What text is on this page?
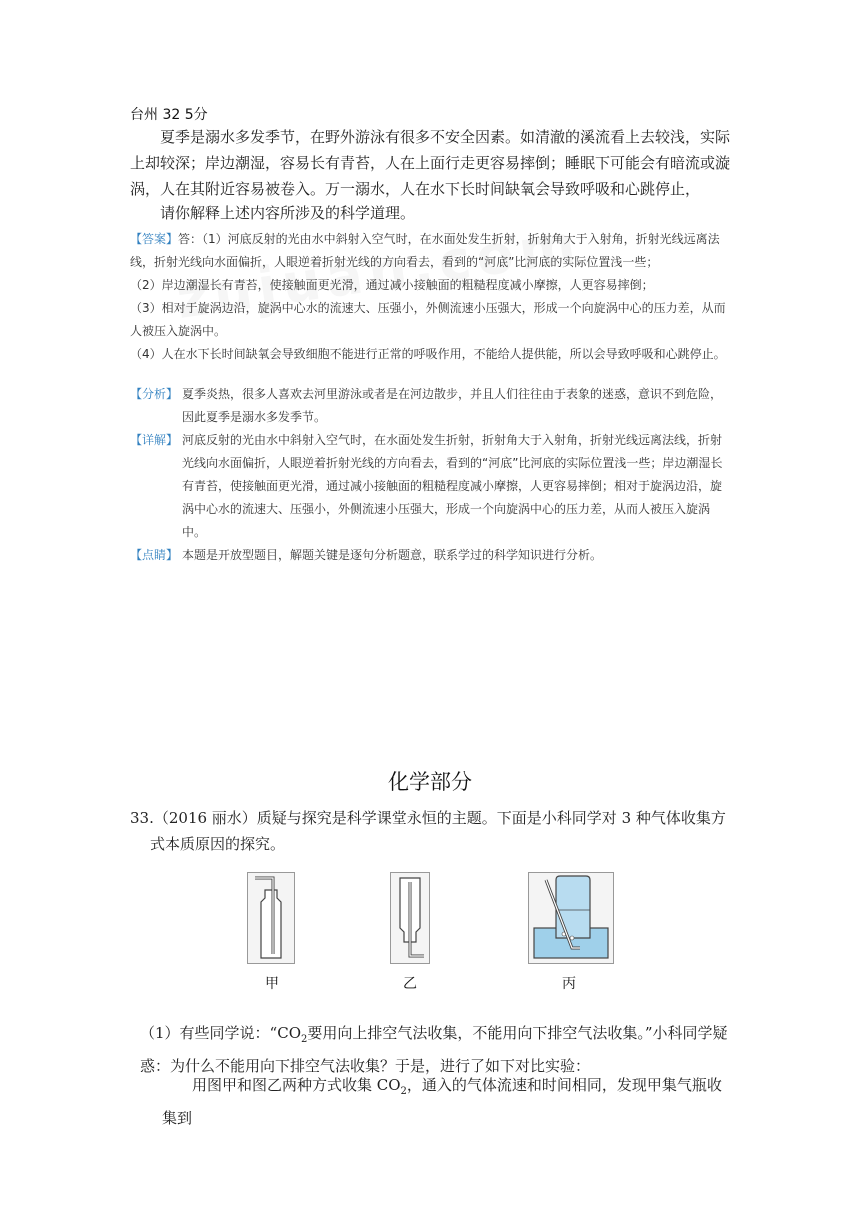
台州 32 5分

夏季是溺水多发季节，在野外游泳有很多不安全因素。如清澈的溪流看上去较浅，实际上却较深；岸边潮湿，容易长有青苔，人在上面行走更容易摔倒；睡眠下可能会有暗流或漩涡，人在其附近容易被卷入。万一溺水，人在水下长时间缺氧会导致呼吸和心跳停止，

请你解释上述内容所涉及的科学道理。

【答案】答：（1）河底反射的光由水中斜射入空气时，在水面处发生折射，折射角大于入射角，折射光线远离法线，折射光线向水面偏折，人眼逆着折射光线的方向看去，看到的“河底”比河底的实际位置浅一些；
（2）岸边潮湿长有青苔，使接触面更光滑，通过减小接触面的粗糙程度减小摩擦，人更容易摔倒；
（3）相对于旋涡边沿，旋涡中心水的流速大、压强小，外侧流速小压强大，形成一个向旋涡中心的压力差，从而人被压入旋涡中。
（4）人在水下长时间缺氧会导致细胞不能进行正常的呼吸作用，不能给人提供能，所以会导致呼吸和心跳停止。
【分析】 夏季炎热，很多人喜欢去河里游泳或者是在河边散步，并且人们往往由于表象的迷惑，意识不到危险，因此夏季是溺水多发季节。
【详解】 河底反射的光由水中斜射入空气时，在水面处发生折射，折射角大于入射角，折射光线远离法线，折射光线向水面偏折，人眼逆着折射光线的方向看去，看到的“河底”比河底的实际位置浅一些；岸边潮湿长有青苔，使接触面更光滑，通过减小接触面的粗糙程度减小摩擦，人更容易摔倒；相对于旋涡边沿，旋涡中心水的流速大、压强小，外侧流速小压强大，形成一个向旋涡中心的压力差，从而人被压入旋涡中。
【点睛】 本题是开放型题目，解题关键是逐句分析题意，联系学过的科学知识进行分析。
化学部分

33.（2016 丽水）质疑与探究是科学课堂永恒的主题。下面是小科同学对 3 种气体收集方式本质原因的探究。

甲	乙	丙

（1）有些同学说：“$CO_2$要用向上排空气法收集，不能用向下排空气法收集。”小科同学疑惑：为什么不能用向下排空气法收集？于是，进行了如下对比实验：

用图甲和图乙两种方式收集 $CO_2$，通入的气体流速和时间相同，发现甲集气瓶收集到
